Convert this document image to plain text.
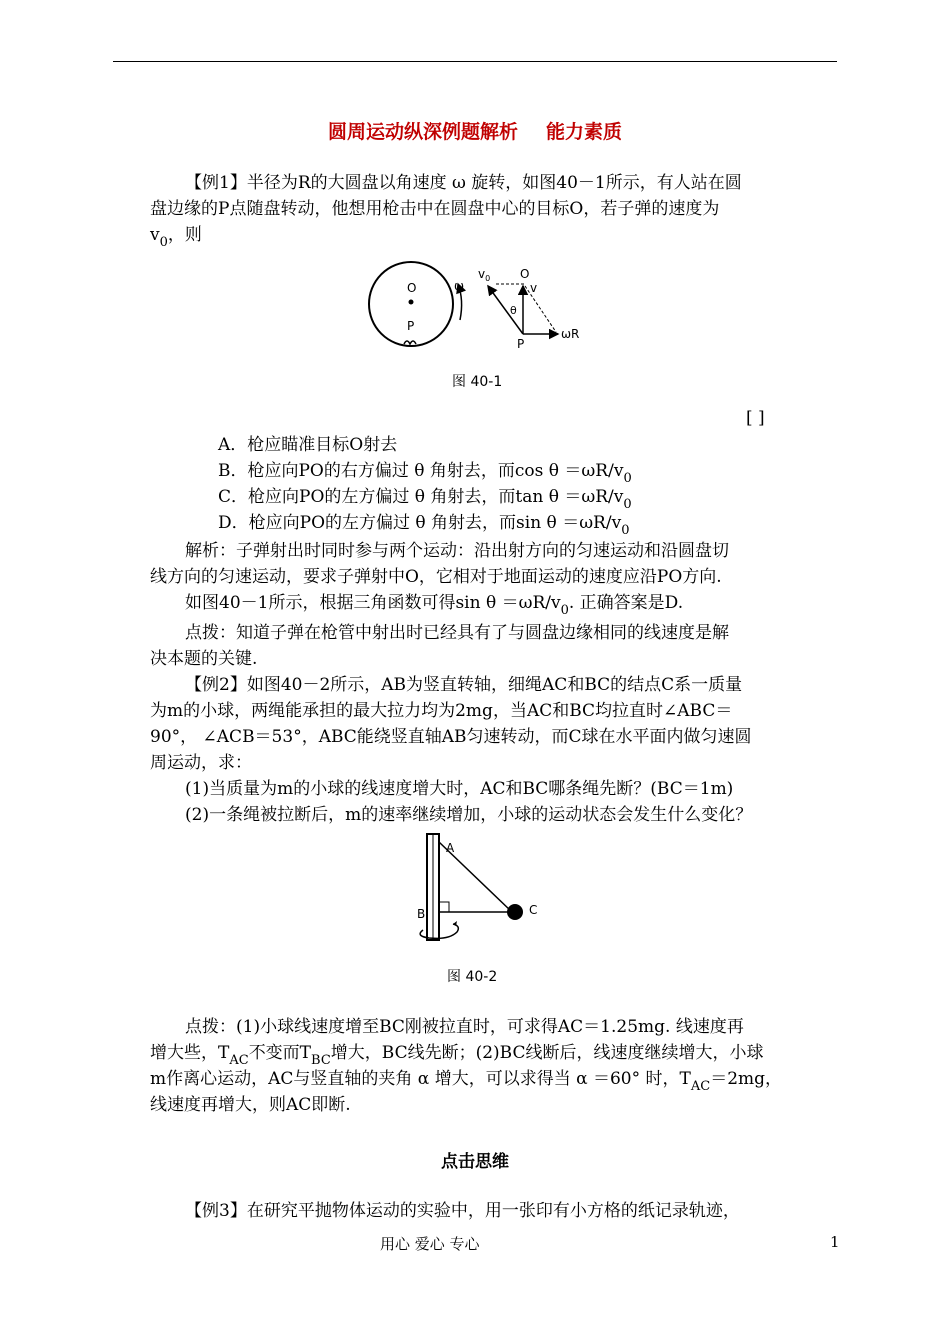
圆周运动纵深例题解析 能力素质
【例1】半径为R的大圆盘以角速度 ω 旋转，如图40－1所示，有人站在圆
盘边缘的P点随盘转动，他想用枪击中在圆盘中心的目标O，若子弹的速度为
$v_0$，则
O
P
ω
$v_0$ O
v
θ
P
ωR
图 40-1
[ ]
A．枪应瞄准目标O射去
B．枪应向PO的右方偏过 θ 角射去，而$\cos \theta =\omega R/v_0$
C．枪应向PO的左方偏过 θ 角射去，而$\tan \theta =\omega R/v_0$
D．枪应向PO的左方偏过 θ 角射去，而$\sin \theta =\omega R/v_0$
解析：子弹射出时同时参与两个运动：沿出射方向的匀速运动和沿圆盘切
线方向的匀速运动，要求子弹射中O，它相对于地面运动的速度应沿PO方向.
如图40－1所示，根据三角函数可得$\sin \theta =\omega R/v_0$. 正确答案是D.
点拨：知道子弹在枪管中射出时已经具有了与圆盘边缘相同的线速度是解
决本题的关键.
【例2】如图40－2所示，AB为竖直转轴，细绳AC和BC的结点C系一质量
为m的小球，两绳能承担的最大拉力均为2mg，当AC和BC均拉直时∠ABC＝
90°， ∠ACB＝53°，ABC能绕竖直轴AB匀速转动，而C球在水平面内做匀速圆
周运动，求：
(1)当质量为m的小球的线速度增大时，AC和BC哪条绳先断？(BC＝1m)
(2)一条绳被拉断后，m的速率继续增加，小球的运动状态会发生什么变化？
A
B	C
图 40-2
点拨：(1)小球线速度增至BC刚被拉直时，可求得AC＝1.25mg. 线速度再
增大些，$T_{AC}$不变而$T_{BC}$增大，BC线先断；(2)BC线断后，线速度继续增大，小球
m作离心运动，AC与竖直轴的夹角 α 增大，可以求得当 α ＝60° 时，$T_{AC}=2mg$，
线速度再增大，则AC即断.
点击思维
【例3】在研究平抛物体运动的实验中，用一张印有小方格的纸记录轨迹，
用心 爱心 专心	1
